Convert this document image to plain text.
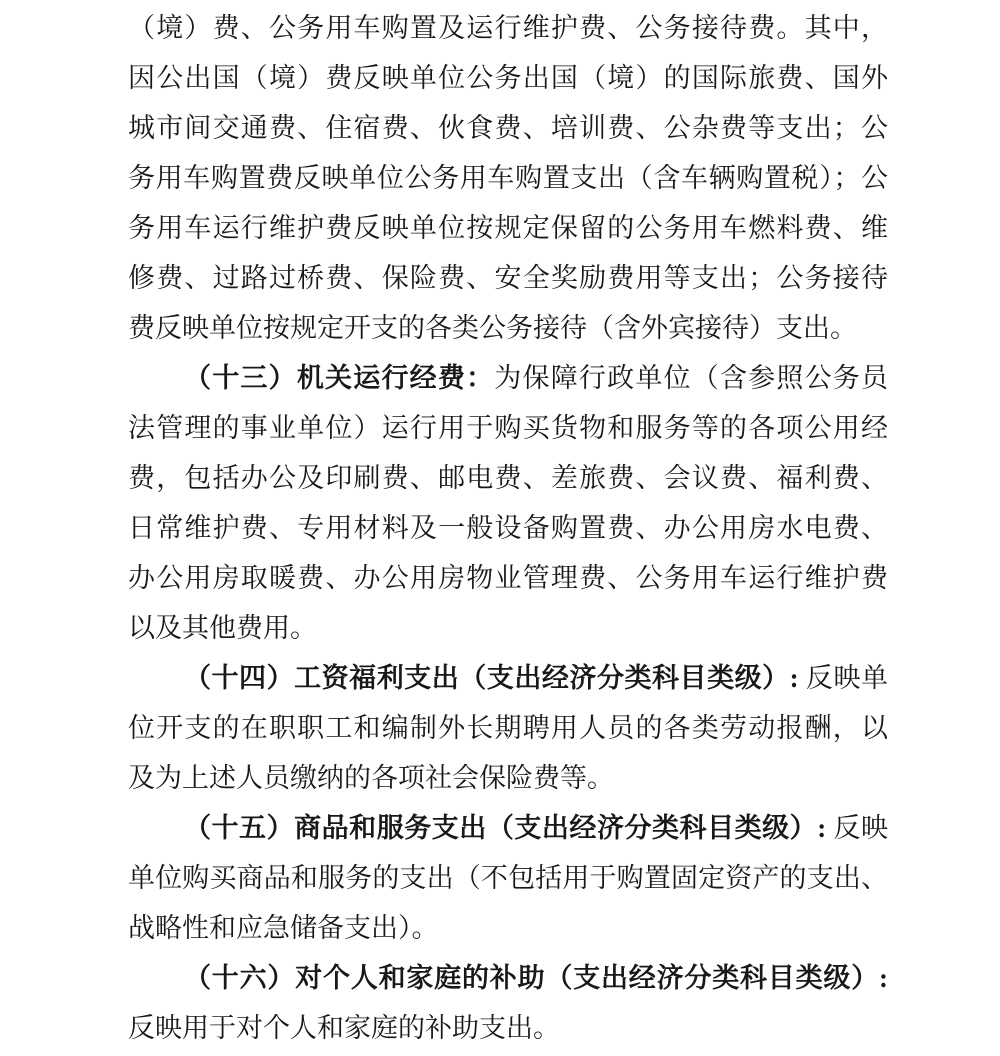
（境）费、公务用车购置及运行维护费、公务接待费。其中，
因公出国（境）费反映单位公务出国（境）的国际旅费、国外
城市间交通费、住宿费、伙食费、培训费、公杂费等支出；公
务用车购置费反映单位公务用车购置支出（含车辆购置税）；公
务用车运行维护费反映单位按规定保留的公务用车燃料费、维
修费、过路过桥费、保险费、安全奖励费用等支出；公务接待
费反映单位按规定开支的各类公务接待（含外宾接待）支出。
（十三）机关运行经费：为保障行政单位（含参照公务员
法管理的事业单位）运行用于购买货物和服务等的各项公用经
费，包括办公及印刷费、邮电费、差旅费、会议费、福利费、
日常维护费、专用材料及一般设备购置费、办公用房水电费、
办公用房取暖费、办公用房物业管理费、公务用车运行维护费
以及其他费用。
（十四）工资福利支出（支出经济分类科目类级）: 反映单
位开支的在职职工和编制外长期聘用人员的各类劳动报酬，以
及为上述人员缴纳的各项社会保险费等。
（十五）商品和服务支出（支出经济分类科目类级）: 反映
单位购买商品和服务的支出（不包括用于购置固定资产的支出、
战略性和应急储备支出）。
（十六）对个人和家庭的补助（支出经济分类科目类级）:
反映用于对个人和家庭的补助支出。
